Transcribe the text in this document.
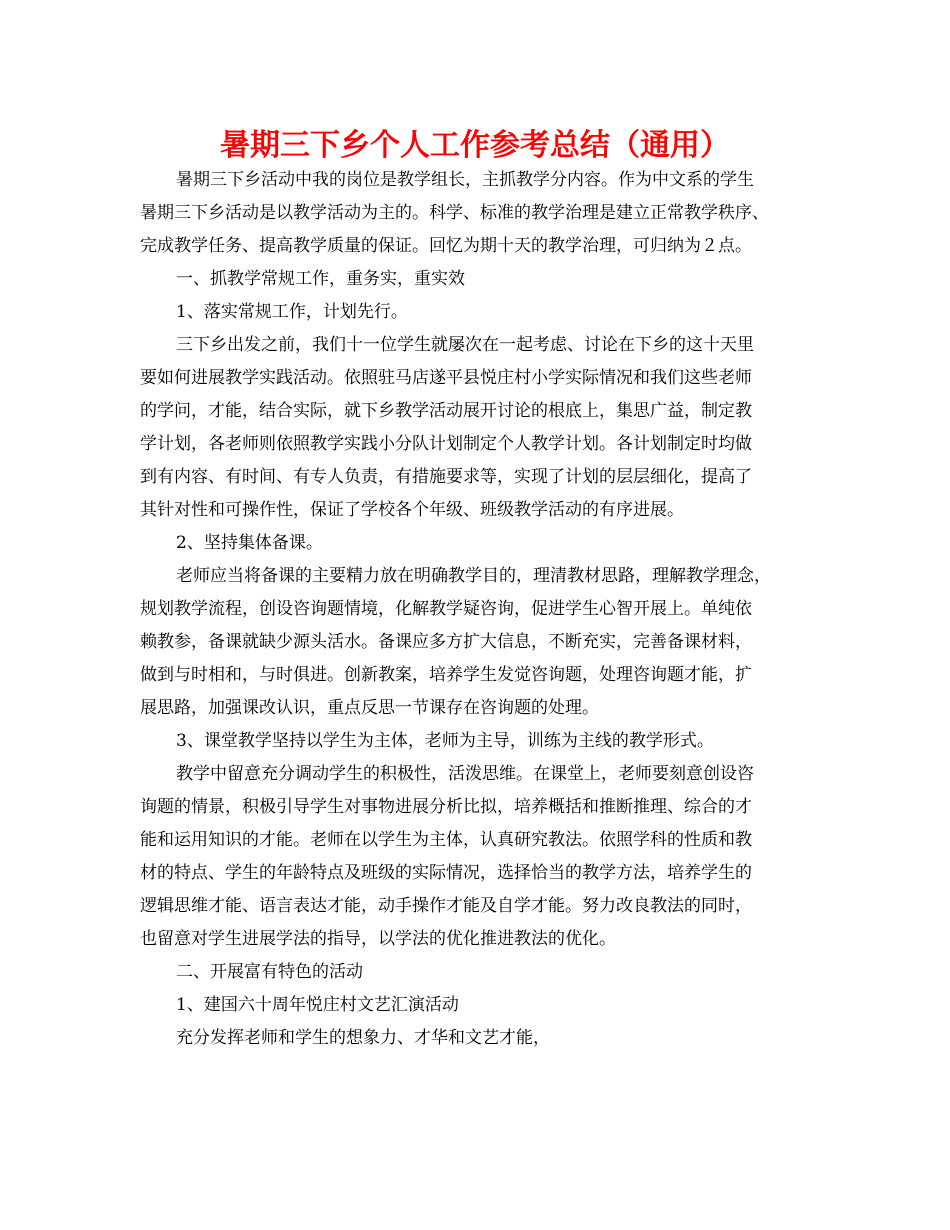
暑期三下乡个人工作参考总结（通用）
暑期三下乡活动中我的岗位是教学组长，主抓教学分内容。作为中文系的学生
暑期三下乡活动是以教学活动为主的。科学、标准的教学治理是建立正常教学秩序、
完成教学任务、提高教学质量的保证。回忆为期十天的教学治理，可归纳为２点。
一、抓教学常规工作，重务实，重实效
1、落实常规工作，计划先行。
三下乡出发之前，我们十一位学生就屡次在一起考虑、讨论在下乡的这十天里
要如何进展教学实践活动。依照驻马店遂平县悦庄村小学实际情况和我们这些老师
的学问，才能，结合实际，就下乡教学活动展开讨论的根底上，集思广益，制定教
学计划，各老师则依照教学实践小分队计划制定个人教学计划。各计划制定时均做
到有内容、有时间、有专人负责，有措施要求等，实现了计划的层层细化，提高了
其针对性和可操作性，保证了学校各个年级、班级教学活动的有序进展。
2、坚持集体备课。
老师应当将备课的主要精力放在明确教学目的，理清教材思路，理解教学理念，
规划教学流程，创设咨询题情境，化解教学疑咨询，促进学生心智开展上。单纯依
赖教参，备课就缺少源头活水。备课应多方扩大信息，不断充实，完善备课材料，
做到与时相和，与时俱进。创新教案，培养学生发觉咨询题，处理咨询题才能，扩
展思路，加强课改认识，重点反思一节课存在咨询题的处理。
3、课堂教学坚持以学生为主体，老师为主导，训练为主线的教学形式。
教学中留意充分调动学生的积极性，活泼思维。在课堂上，老师要刻意创设咨
询题的情景，积极引导学生对事物进展分析比拟，培养概括和推断推理、综合的才
能和运用知识的才能。老师在以学生为主体，认真研究教法。依照学科的性质和教
材的特点、学生的年龄特点及班级的实际情况，选择恰当的教学方法，培养学生的
逻辑思维才能、语言表达才能，动手操作才能及自学才能。努力改良教法的同时，
也留意对学生进展学法的指导，以学法的优化推进教法的优化。
二、开展富有特色的活动
1、建国六十周年悦庄村文艺汇演活动
充分发挥老师和学生的想象力、才华和文艺才能，
